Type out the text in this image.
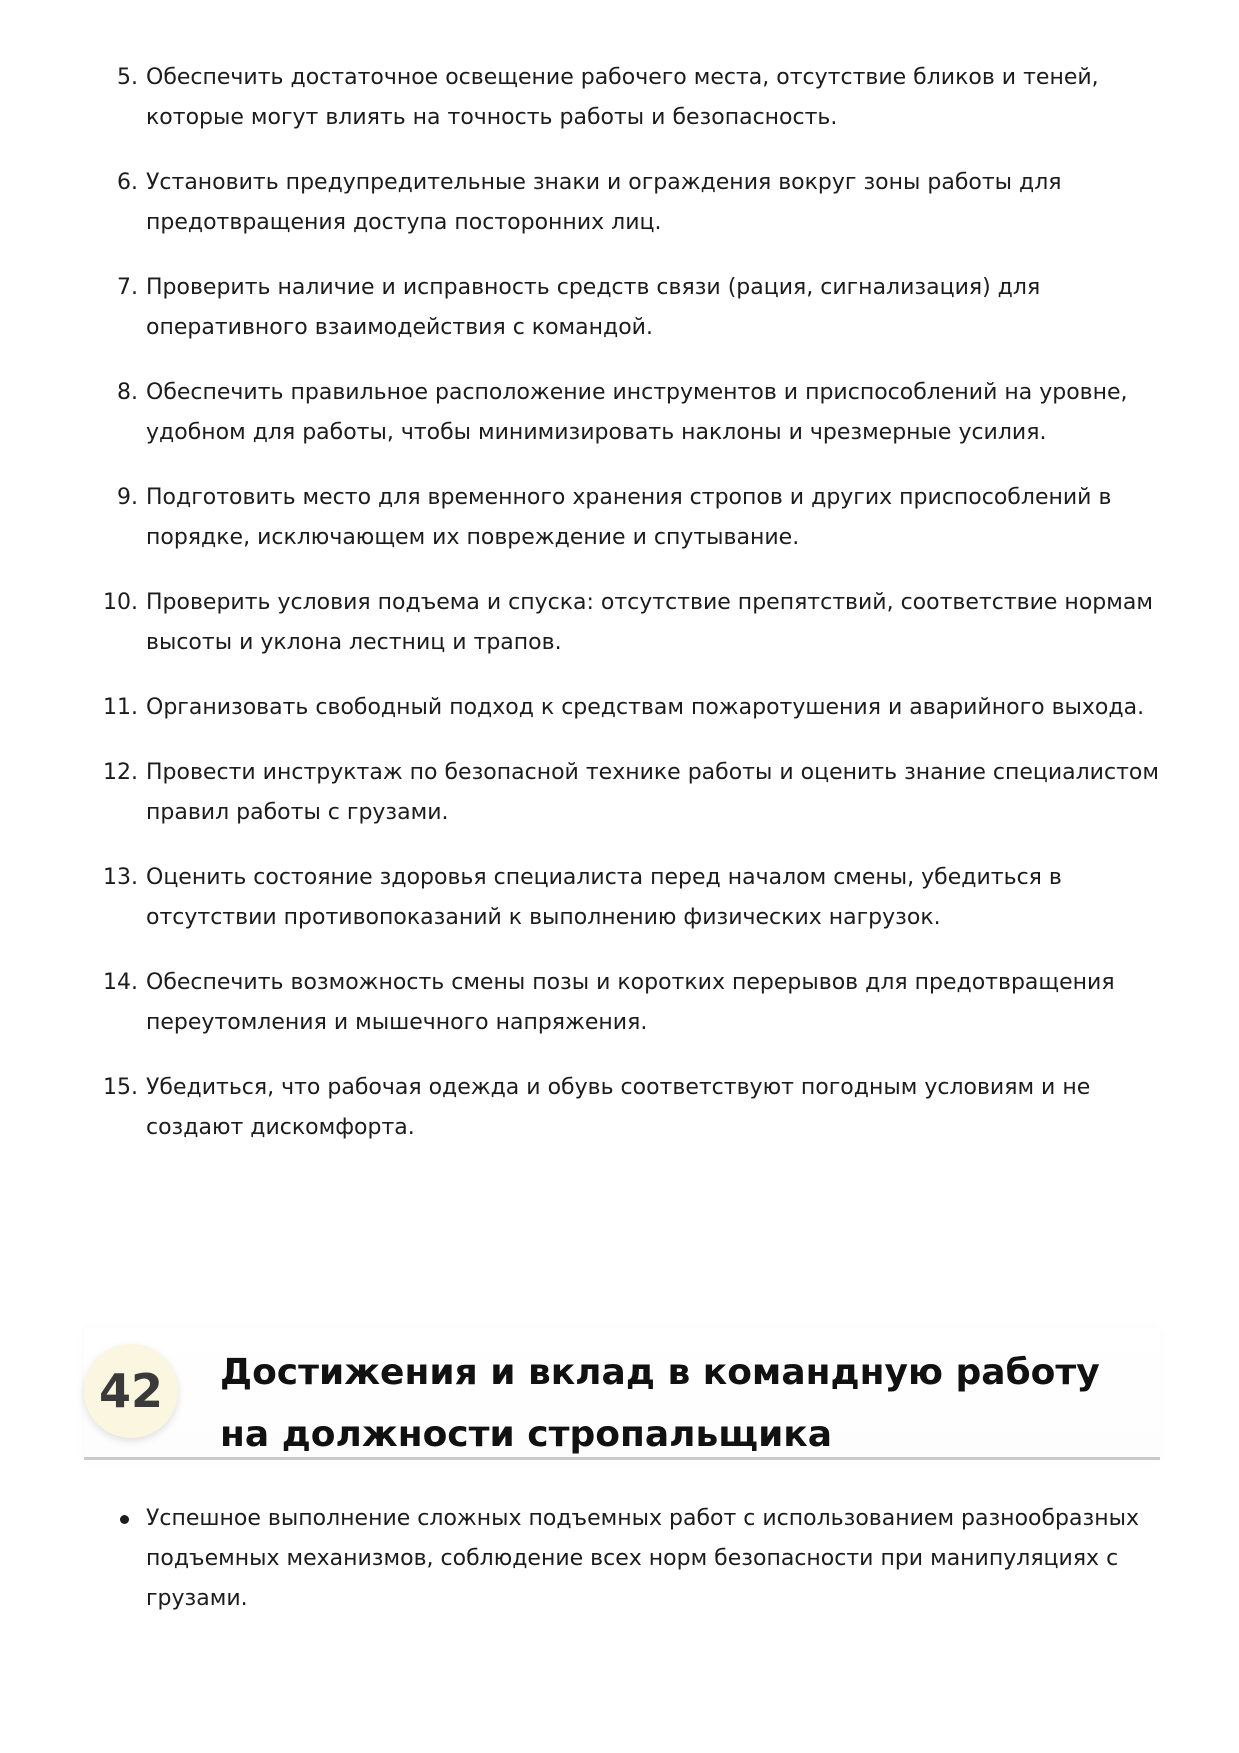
5. Обеспечить достаточное освещение рабочего места, отсутствие бликов и теней, которые могут влиять на точность работы и безопасность.
6. Установить предупредительные знаки и ограждения вокруг зоны работы для предотвращения доступа посторонних лиц.
7. Проверить наличие и исправность средств связи (рация, сигнализация) для оперативного взаимодействия с командой.
8. Обеспечить правильное расположение инструментов и приспособлений на уровне, удобном для работы, чтобы минимизировать наклоны и чрезмерные усилия.
9. Подготовить место для временного хранения стропов и других приспособлений в порядке, исключающем их повреждение и спутывание.
10. Проверить условия подъема и спуска: отсутствие препятствий, соответствие нормам высоты и уклона лестниц и трапов.
11. Организовать свободный подход к средствам пожаротушения и аварийного выхода.
12. Провести инструктаж по безопасной технике работы и оценить знание специалистом правил работы с грузами.
13. Оценить состояние здоровья специалиста перед началом смены, убедиться в отсутствии противопоказаний к выполнению физических нагрузок.
14. Обеспечить возможность смены позы и коротких перерывов для предотвращения переутомления и мышечного напряжения.
15. Убедиться, что рабочая одежда и обувь соответствуют погодным условиям и не создают дискомфорта.
42	Достижения и вклад в командную работу на должности стропальщика
Успешное выполнение сложных подъемных работ с использованием разнообразных подъемных механизмов, соблюдение всех норм безопасности при манипуляциях с грузами.
